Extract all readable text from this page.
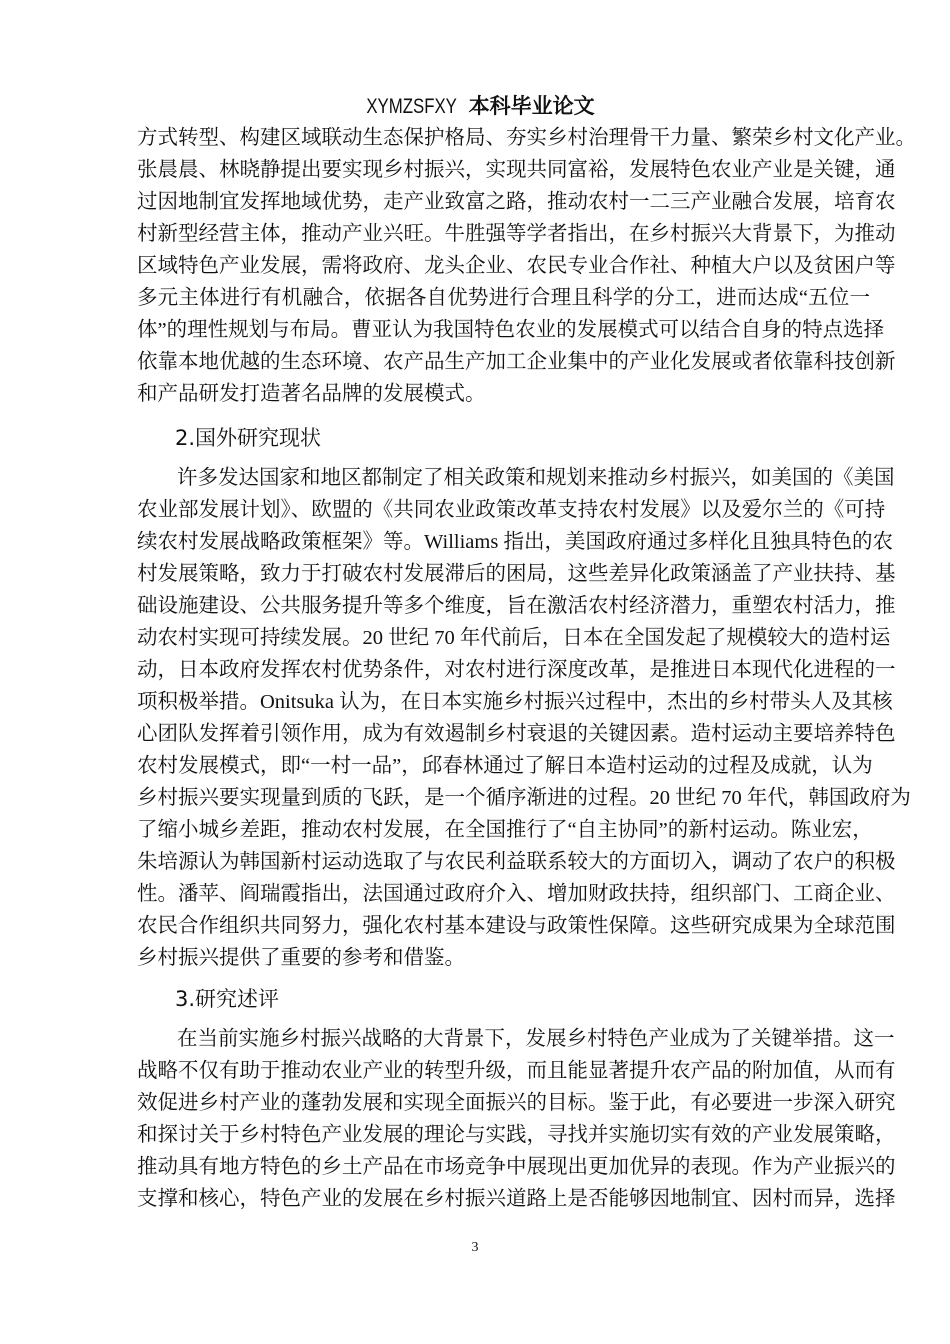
XYMZSFXY 本科毕业论文
方式转型、构建区域联动生态保护格局、夯实乡村治理骨干力量、繁荣乡村文化产业。
张晨晨、林晓静提出要实现乡村振兴，实现共同富裕，发展特色农业产业是关键，通
过因地制宜发挥地域优势，走产业致富之路，推动农村一二三产业融合发展，培育农
村新型经营主体，推动产业兴旺。牛胜强等学者指出，在乡村振兴大背景下，为推动
区域特色产业发展，需将政府、龙头企业、农民专业合作社、种植大户以及贫困户等
多元主体进行有机融合，依据各自优势进行合理且科学的分工，进而达成“五位一
体”的理性规划与布局。曹亚认为我国特色农业的发展模式可以结合自身的特点选择
依靠本地优越的生态环境、农产品生产加工企业集中的产业化发展或者依靠科技创新
和产品研发打造著名品牌的发展模式。
2.国外研究现状
许多发达国家和地区都制定了相关政策和规划来推动乡村振兴，如美国的《美国
农业部发展计划》、欧盟的《共同农业政策改革支持农村发展》以及爱尔兰的《可持
续农村发展战略政策框架》等。Williams 指出，美国政府通过多样化且独具特色的农
村发展策略，致力于打破农村发展滞后的困局，这些差异化政策涵盖了产业扶持、基
础设施建设、公共服务提升等多个维度，旨在激活农村经济潜力，重塑农村活力，推
动农村实现可持续发展。20 世纪 70 年代前后，日本在全国发起了规模较大的造村运
动，日本政府发挥农村优势条件，对农村进行深度改革，是推进日本现代化进程的一
项积极举措。Onitsuka 认为，在日本实施乡村振兴过程中，杰出的乡村带头人及其核
心团队发挥着引领作用，成为有效遏制乡村衰退的关键因素。造村运动主要培养特色
农村发展模式，即“一村一品”，邱春林通过了解日本造村运动的过程及成就，认为
乡村振兴要实现量到质的飞跃，是一个循序渐进的过程。20 世纪 70 年代，韩国政府为
了缩小城乡差距，推动农村发展，在全国推行了“自主协同”的新村运动。陈业宏，
朱培源认为韩国新村运动选取了与农民利益联系较大的方面切入，调动了农户的积极
性。潘苹、阎瑞霞指出，法国通过政府介入、增加财政扶持，组织部门、工商企业、
农民合作组织共同努力，强化农村基本建设与政策性保障。这些研究成果为全球范围
乡村振兴提供了重要的参考和借鉴。
3.研究述评
在当前实施乡村振兴战略的大背景下，发展乡村特色产业成为了关键举措。这一
战略不仅有助于推动农业产业的转型升级，而且能显著提升农产品的附加值，从而有
效促进乡村产业的蓬勃发展和实现全面振兴的目标。鉴于此，有必要进一步深入研究
和探讨关于乡村特色产业发展的理论与实践，寻找并实施切实有效的产业发展策略，
推动具有地方特色的乡土产品在市场竞争中展现出更加优异的表现。作为产业振兴的
支撑和核心，特色产业的发展在乡村振兴道路上是否能够因地制宜、因村而异，选择
3
